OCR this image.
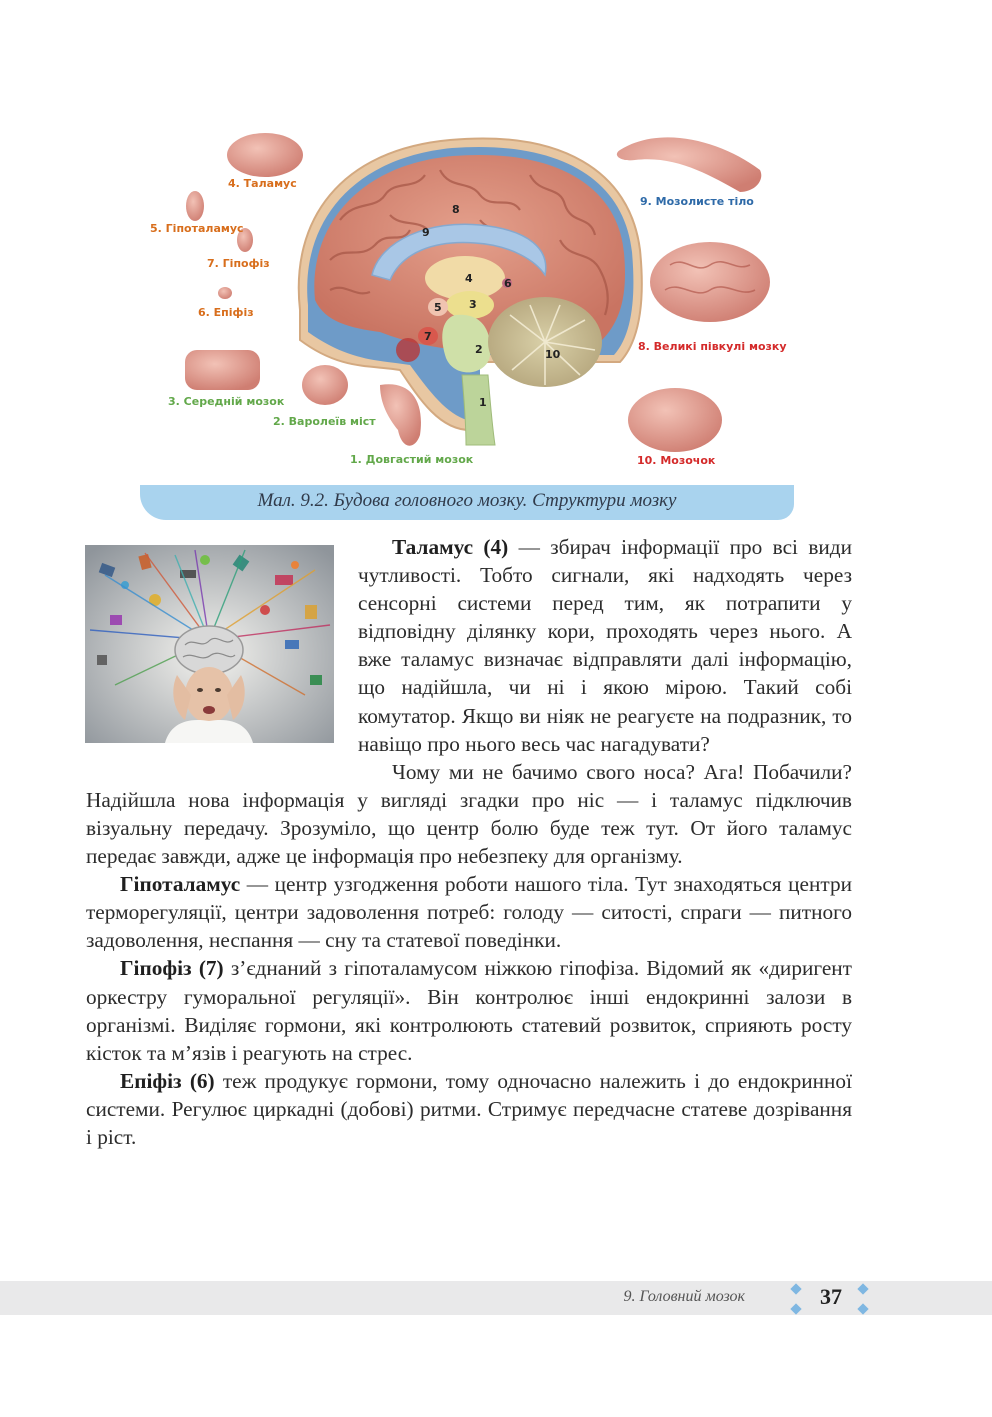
4. Таламус
5. Гіпоталамус
7. Гіпофіз
6. Епіфіз
3. Середній мозок
2. Варолеїв міст
1. Довгастий мозок
9. Мозолисте тіло
8. Великі півкулі мозку
10. Мозочок
1
2
3
4
5
6
7
8
9
10
Мал. 9.2. Будова головного мозку. Структури мозку

Таламус (4) — збирач інформації про всі види чутливості. Тобто сигнали, які надходять через сенсорні системи перед тим, як потрапити у відповідну ділянку кори, проходять через нього. А вже таламус визначає відправляти далі інформацію, що надійшла, чи ні і якою мірою. Такий собі комутатор. Якщо ви ніяк не реагуєте на подразник, то навіщо про нього весь час нагадувати?

Чому ми не бачимо свого носа? Ага! Побачили? Надійшла нова інформація у вигляді згадки про ніс — і таламус підключив візуальну передачу. Зрозуміло, що центр болю буде теж тут. От його таламус передає завжди, адже це інформація про небезпеку для організму.

Гіпоталамус — центр узгодження роботи нашого тіла. Тут знаходяться центри терморегуляції, центри задоволення потреб: голоду — ситості, спраги — питного задоволення, неспання — сну та статевої поведінки.

Гіпофіз (7) з’єднаний з гіпоталамусом ніжкою гіпофіза. Відомий як «диригент оркестру гуморальної регуляції». Він контролює інші ендокринні залози в організмі. Виділяє гормони, які контролюють статевий розвиток, сприяють росту кісток та м’язів і реагують на стрес.

Епіфіз (6) теж продукує гормони, тому одночасно належить і до ендокринної системи. Регулює циркадні (добові) ритми. Стримує передчасне статеве дозрівання і ріст.

9. Головний мозок	37
